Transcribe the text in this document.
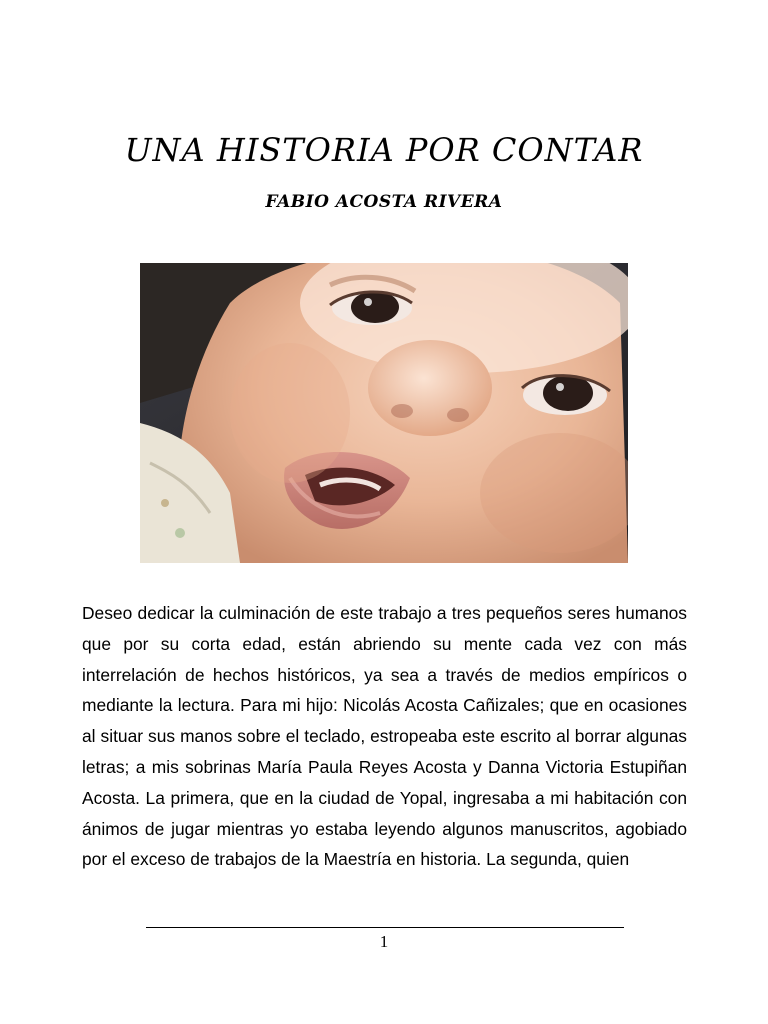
UNA HISTORIA POR CONTAR
FABIO ACOSTA RIVERA

Deseo dedicar la culminación de este trabajo a tres pequeños seres humanos que por su corta edad, están abriendo su mente cada vez con más interrelación de hechos históricos, ya sea a través de medios empíricos o mediante la lectura. Para mi hijo: Nicolás Acosta Cañizales; que en ocasiones al situar sus manos sobre el teclado, estropeaba este escrito al borrar algunas letras; a mis sobrinas María Paula Reyes Acosta y Danna Victoria Estupiñan Acosta. La primera, que en la ciudad de Yopal, ingresaba a mi habitación con ánimos de jugar mientras yo estaba leyendo algunos manuscritos, agobiado por el exceso de trabajos de la Maestría en historia. La segunda, quien

1
